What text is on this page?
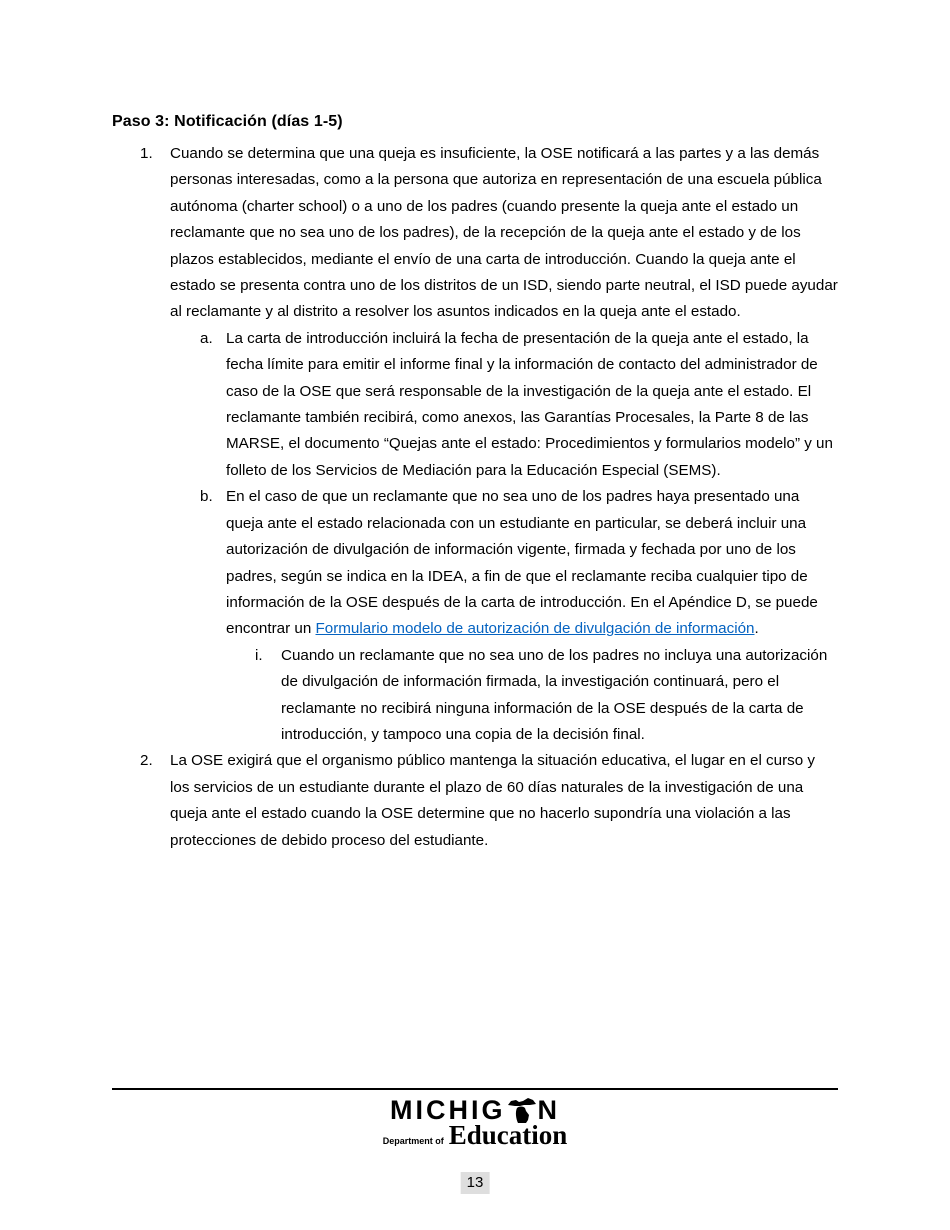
Paso 3: Notificación (días 1-5)
1.	Cuando se determina que una queja es insuficiente, la OSE notificará a las partes y a las demás personas interesadas, como a la persona que autoriza en representación de una escuela pública autónoma (charter school) o a uno de los padres (cuando presente la queja ante el estado un reclamante que no sea uno de los padres), de la recepción de la queja ante el estado y de los plazos establecidos, mediante el envío de una carta de introducción. Cuando la queja ante el estado se presenta contra uno de los distritos de un ISD, siendo parte neutral, el ISD puede ayudar al reclamante y al distrito a resolver los asuntos indicados en la queja ante el estado.
a. La carta de introducción incluirá la fecha de presentación de la queja ante el estado, la fecha límite para emitir el informe final y la información de contacto del administrador de caso de la OSE que será responsable de la investigación de la queja ante el estado. El reclamante también recibirá, como anexos, las Garantías Procesales, la Parte 8 de las MARSE, el documento “Quejas ante el estado: Procedimientos y formularios modelo” y un folleto de los Servicios de Mediación para la Educación Especial (SEMS).
b. En el caso de que un reclamante que no sea uno de los padres haya presentado una queja ante el estado relacionada con un estudiante en particular, se deberá incluir una autorización de divulgación de información vigente, firmada y fechada por uno de los padres, según se indica en la IDEA, a fin de que el reclamante reciba cualquier tipo de información de la OSE después de la carta de introducción. En el Apéndice D, se puede encontrar un Formulario modelo de autorización de divulgación de información.
i.	Cuando un reclamante que no sea uno de los padres no incluya una autorización de divulgación de información firmada, la investigación continuará, pero el reclamante no recibirá ninguna información de la OSE después de la carta de introducción, y tampoco una copia de la decisión final.
2.	La OSE exigirá que el organismo público mantenga la situación educativa, el lugar en el curso y los servicios de un estudiante durante el plazo de 60 días naturales de la investigación de una queja ante el estado cuando la OSE determine que no hacerlo supondría una violación a las protecciones de debido proceso del estudiante.
MICHIG N
Department of Education
13
